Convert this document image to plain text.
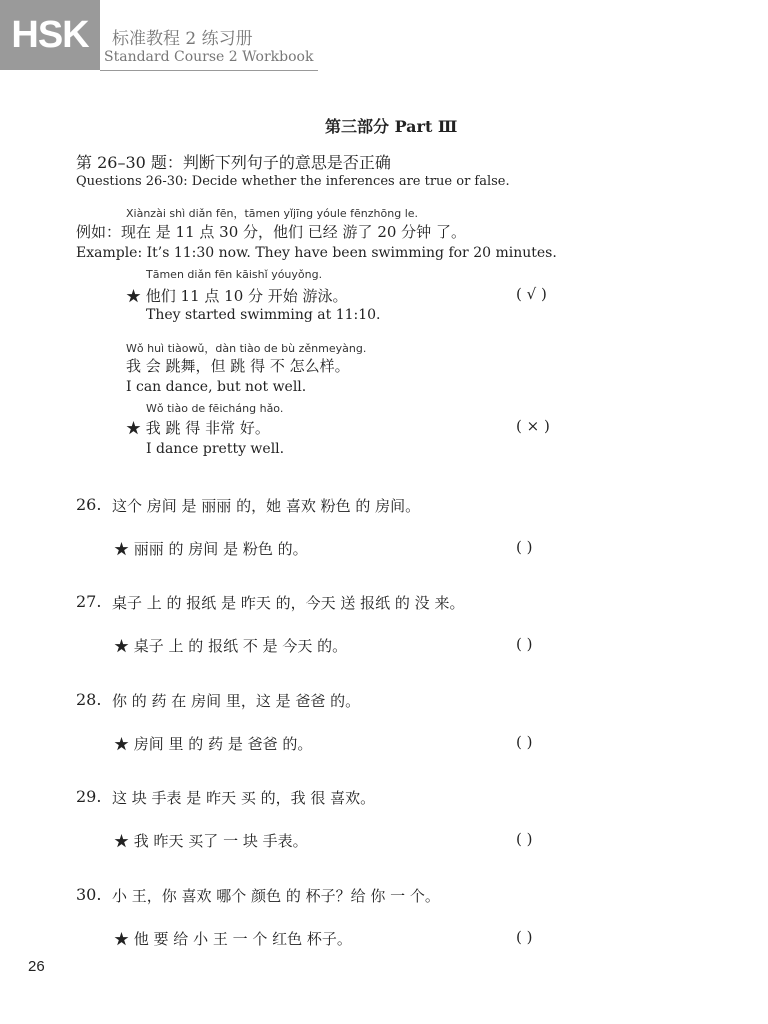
HSK	标准教程 2 练习册
Standard Course 2 Workbook
第三部分 Part Ⅲ
第 26–30 题：判断下列句子的意思是否正确
Questions 26-30: Decide whether the inferences are true or false.
Xiànzài shì diǎn fēn，tāmen yǐjīng yóule fēnzhōng le.
例如：现在 是 11 点 30 分，他们 已经 游了 20 分钟 了。
Example: It’s 11:30 now. They have been swimming for 20 minutes.
Tāmen diǎn fēn kāishǐ yóuyǒng.
★ 他们 11 点 10 分 开始 游泳。	( √ )
They started swimming at 11:10.
Wǒ huì tiàowǔ，dàn tiào de bù zěnmeyàng.
我 会 跳舞，但 跳 得 不 怎么样。
I can dance, but not well.
Wǒ tiào de fēicháng hǎo.
★ 我 跳 得 非常 好。	( × )
I dance pretty well.
26. 这个 房间 是 丽丽 的，她 喜欢 粉色 的 房间。
★ 丽丽 的 房间 是 粉色 的。	( )
27. 桌子 上 的 报纸 是 昨天 的，今天 送 报纸 的 没 来。
★ 桌子 上 的 报纸 不 是 今天 的。	( )
28. 你 的 药 在 房间 里，这 是 爸爸 的。
★ 房间 里 的 药 是 爸爸 的。	( )
29. 这 块 手表 是 昨天 买 的，我 很 喜欢。
★ 我 昨天 买了 一 块 手表。	( )
30. 小 王，你 喜欢 哪个 颜色 的 杯子？给 你 一 个。
★ 他 要 给 小 王 一 个 红色 杯子。	( )
26
